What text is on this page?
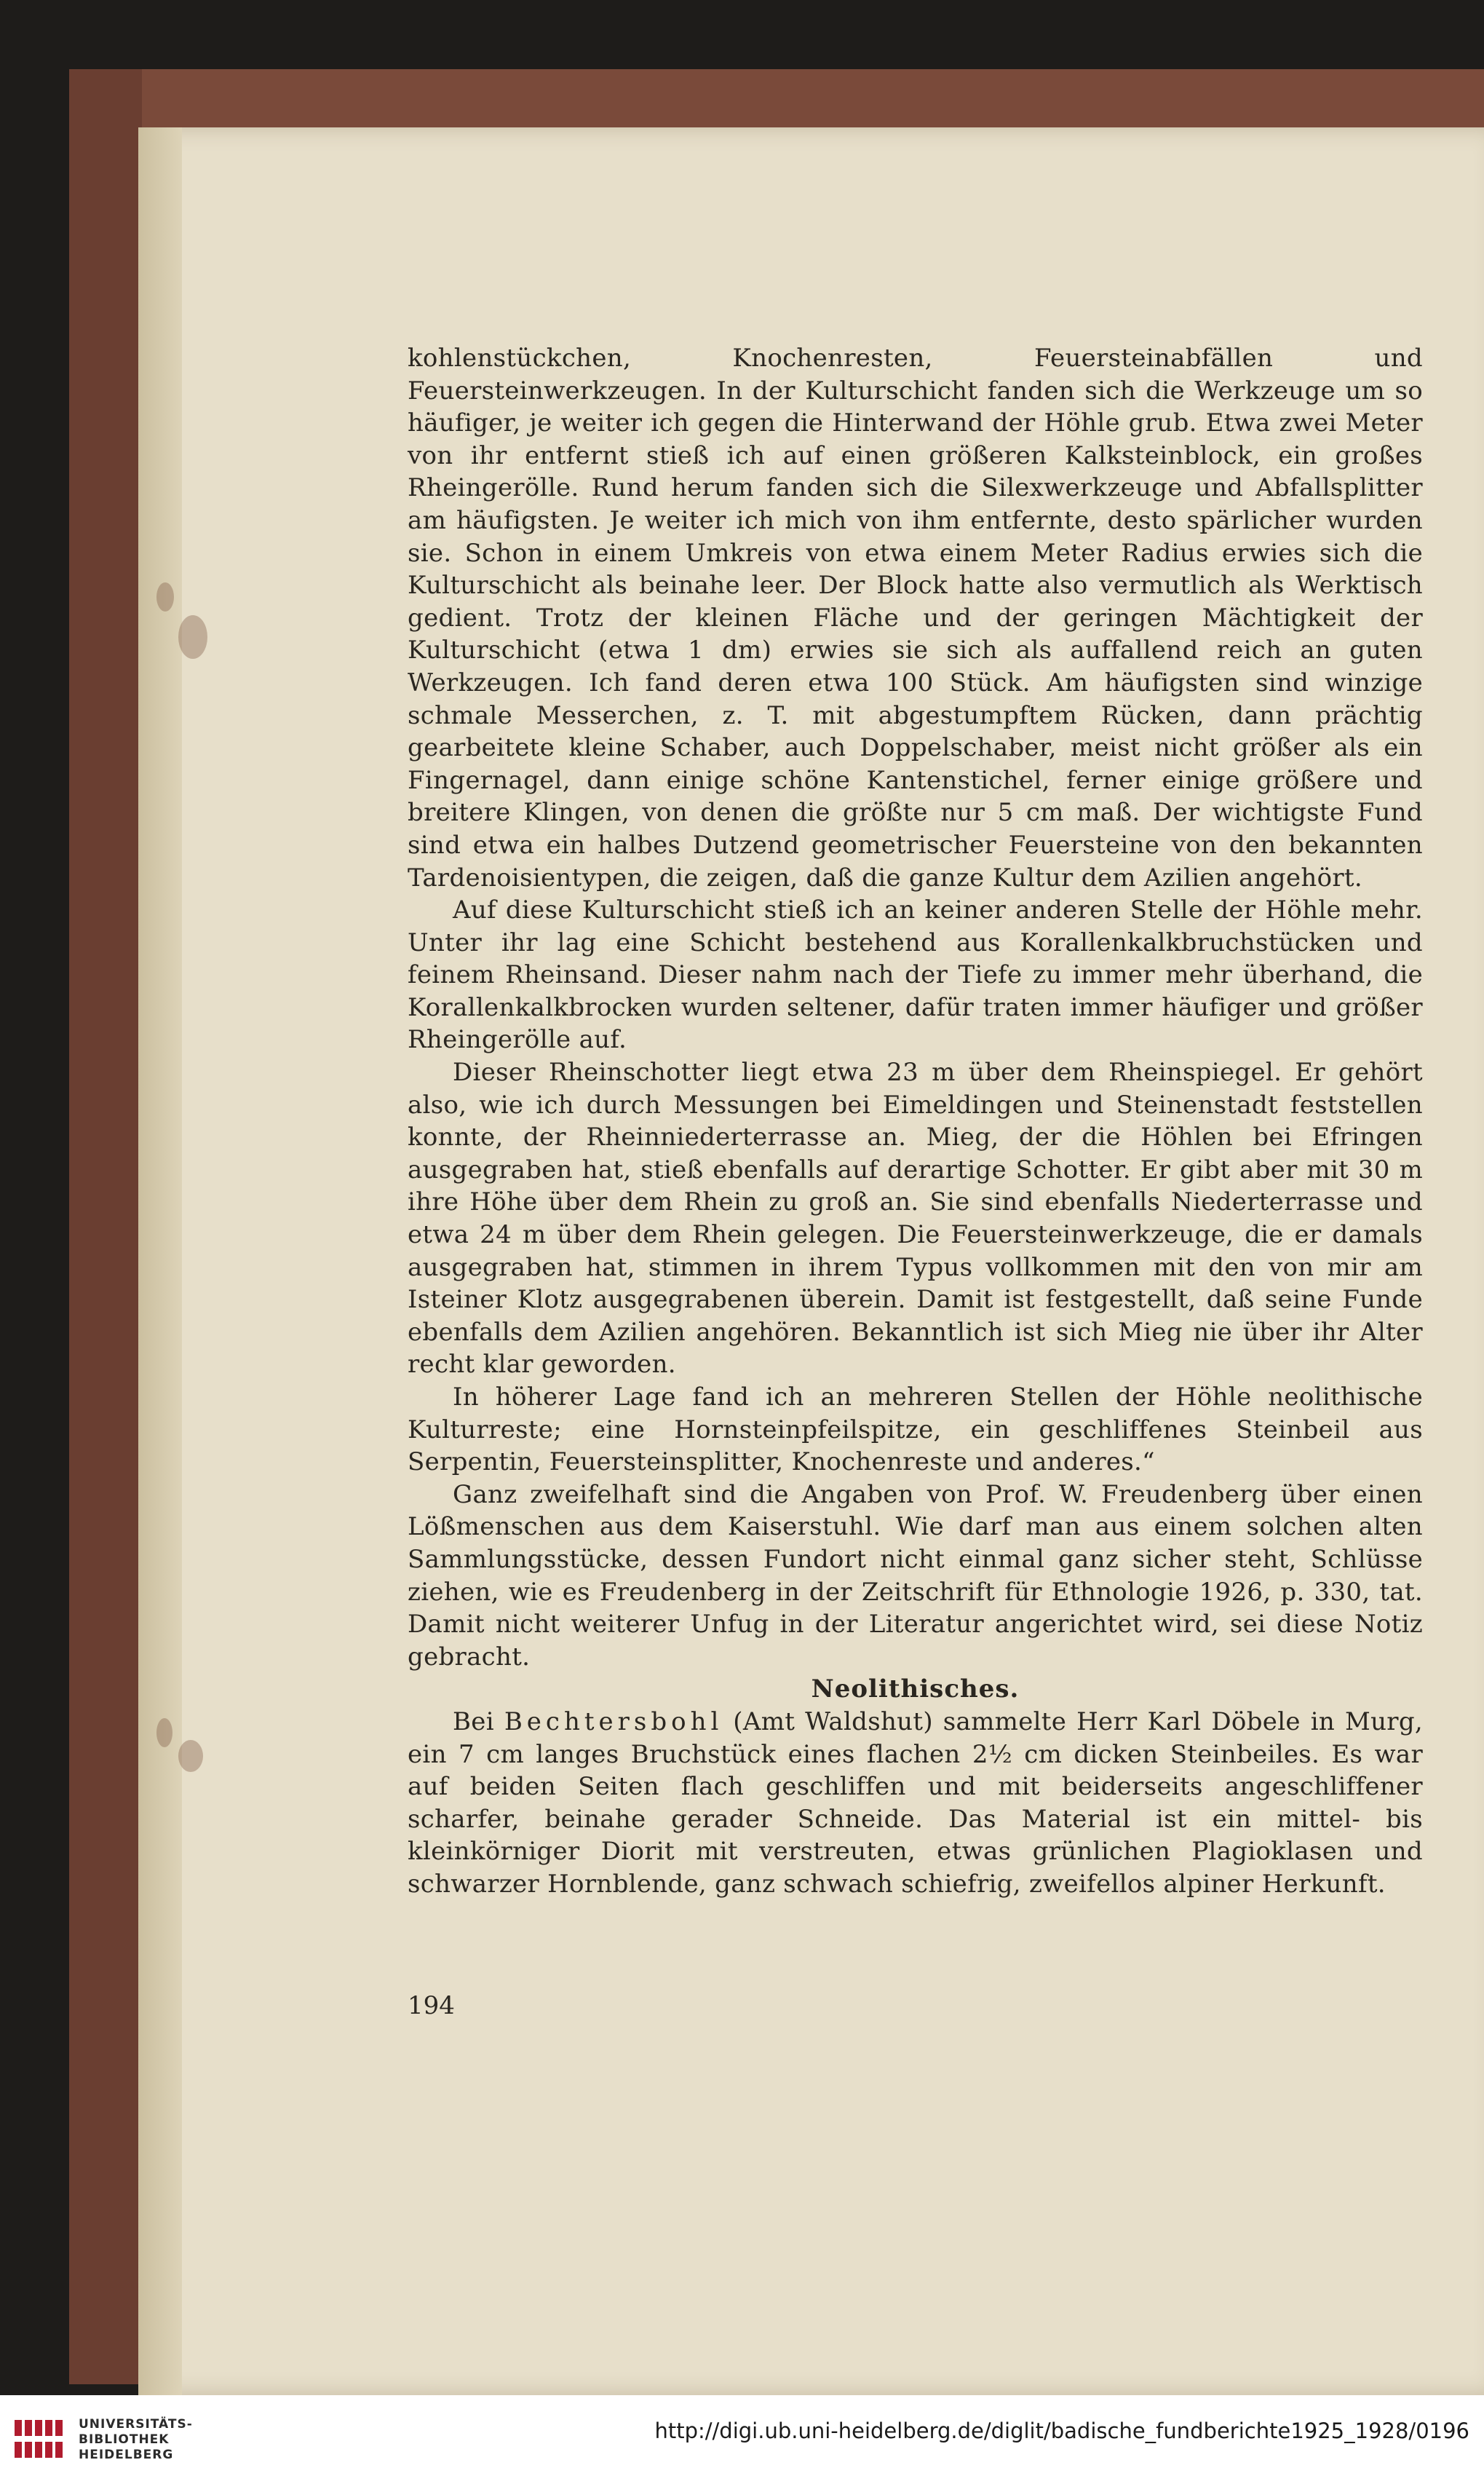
kohlenstückchen, Knochenresten, Feuersteinabfällen und Feuersteinwerkzeugen. In der Kulturschicht fanden sich die Werkzeuge um so häufiger, je weiter ich gegen die Hinterwand der Höhle grub. Etwa zwei Meter von ihr entfernt stieß ich auf einen größeren Kalksteinblock, ein großes Rheingerölle. Rund herum fanden sich die Silexwerkzeuge und Abfallsplitter am häufigsten. Je weiter ich mich von ihm entfernte, desto spärlicher wurden sie. Schon in einem Umkreis von etwa einem Meter Radius erwies sich die Kulturschicht als beinahe leer. Der Block hatte also vermutlich als Werktisch gedient. Trotz der kleinen Fläche und der geringen Mächtigkeit der Kulturschicht (etwa 1 dm) erwies sie sich als auffallend reich an guten Werkzeugen. Ich fand deren etwa 100 Stück. Am häufigsten sind winzige schmale Messerchen, z. T. mit abgestumpftem Rücken, dann prächtig gearbeitete kleine Schaber, auch Doppelschaber, meist nicht größer als ein Fingernagel, dann einige schöne Kantenstichel, ferner einige größere und breitere Klingen, von denen die größte nur 5 cm maß. Der wichtigste Fund sind etwa ein halbes Dutzend geometrischer Feuersteine von den bekannten Tardenoisientypen, die zeigen, daß die ganze Kultur dem Azilien angehört.

Auf diese Kulturschicht stieß ich an keiner anderen Stelle der Höhle mehr. Unter ihr lag eine Schicht bestehend aus Korallenkalkbruchstücken und feinem Rheinsand. Dieser nahm nach der Tiefe zu immer mehr überhand, die Korallenkalkbrocken wurden seltener, dafür traten immer häufiger und größer Rheingerölle auf.

Dieser Rheinschotter liegt etwa 23 m über dem Rheinspiegel. Er gehört also, wie ich durch Messungen bei Eimeldingen und Steinenstadt feststellen konnte, der Rheinniederterrasse an. Mieg, der die Höhlen bei Efringen ausgegraben hat, stieß ebenfalls auf derartige Schotter. Er gibt aber mit 30 m ihre Höhe über dem Rhein zu groß an. Sie sind ebenfalls Niederterrasse und etwa 24 m über dem Rhein gelegen. Die Feuersteinwerkzeuge, die er damals ausgegraben hat, stimmen in ihrem Typus vollkommen mit den von mir am Isteiner Klotz ausgegrabenen überein. Damit ist festgestellt, daß seine Funde ebenfalls dem Azilien angehören. Bekanntlich ist sich Mieg nie über ihr Alter recht klar geworden.

In höherer Lage fand ich an mehreren Stellen der Höhle neolithische Kulturreste; eine Hornsteinpfeilspitze, ein geschliffenes Steinbeil aus Serpentin, Feuersteinsplitter, Knochenreste und anderes.“

Ganz zweifelhaft sind die Angaben von Prof. W. Freudenberg über einen Lößmenschen aus dem Kaiserstuhl. Wie darf man aus einem solchen alten Sammlungsstücke, dessen Fundort nicht einmal ganz sicher steht, Schlüsse ziehen, wie es Freudenberg in der Zeitschrift für Ethnologie 1926, p. 330, tat. Damit nicht weiterer Unfug in der Literatur angerichtet wird, sei diese Notiz gebracht.

Neolithisches.

Bei Bechtersbohl (Amt Waldshut) sammelte Herr Karl Döbele in Murg, ein 7 cm langes Bruchstück eines flachen 2½ cm dicken Steinbeiles. Es war auf beiden Seiten flach geschliffen und mit beiderseits angeschliffener scharfer, beinahe gerader Schneide. Das Material ist ein mittel- bis kleinkörniger Diorit mit verstreuten, etwas grünlichen Plagioklasen und schwarzer Hornblende, ganz schwach schiefrig, zweifellos alpiner Herkunft.

194
UNIVERSITÄTS-
BIBLIOTHEK
HEIDELBERG
http://digi.ub.uni-heidelberg.de/diglit/badische_fundberichte1925_1928/0196
